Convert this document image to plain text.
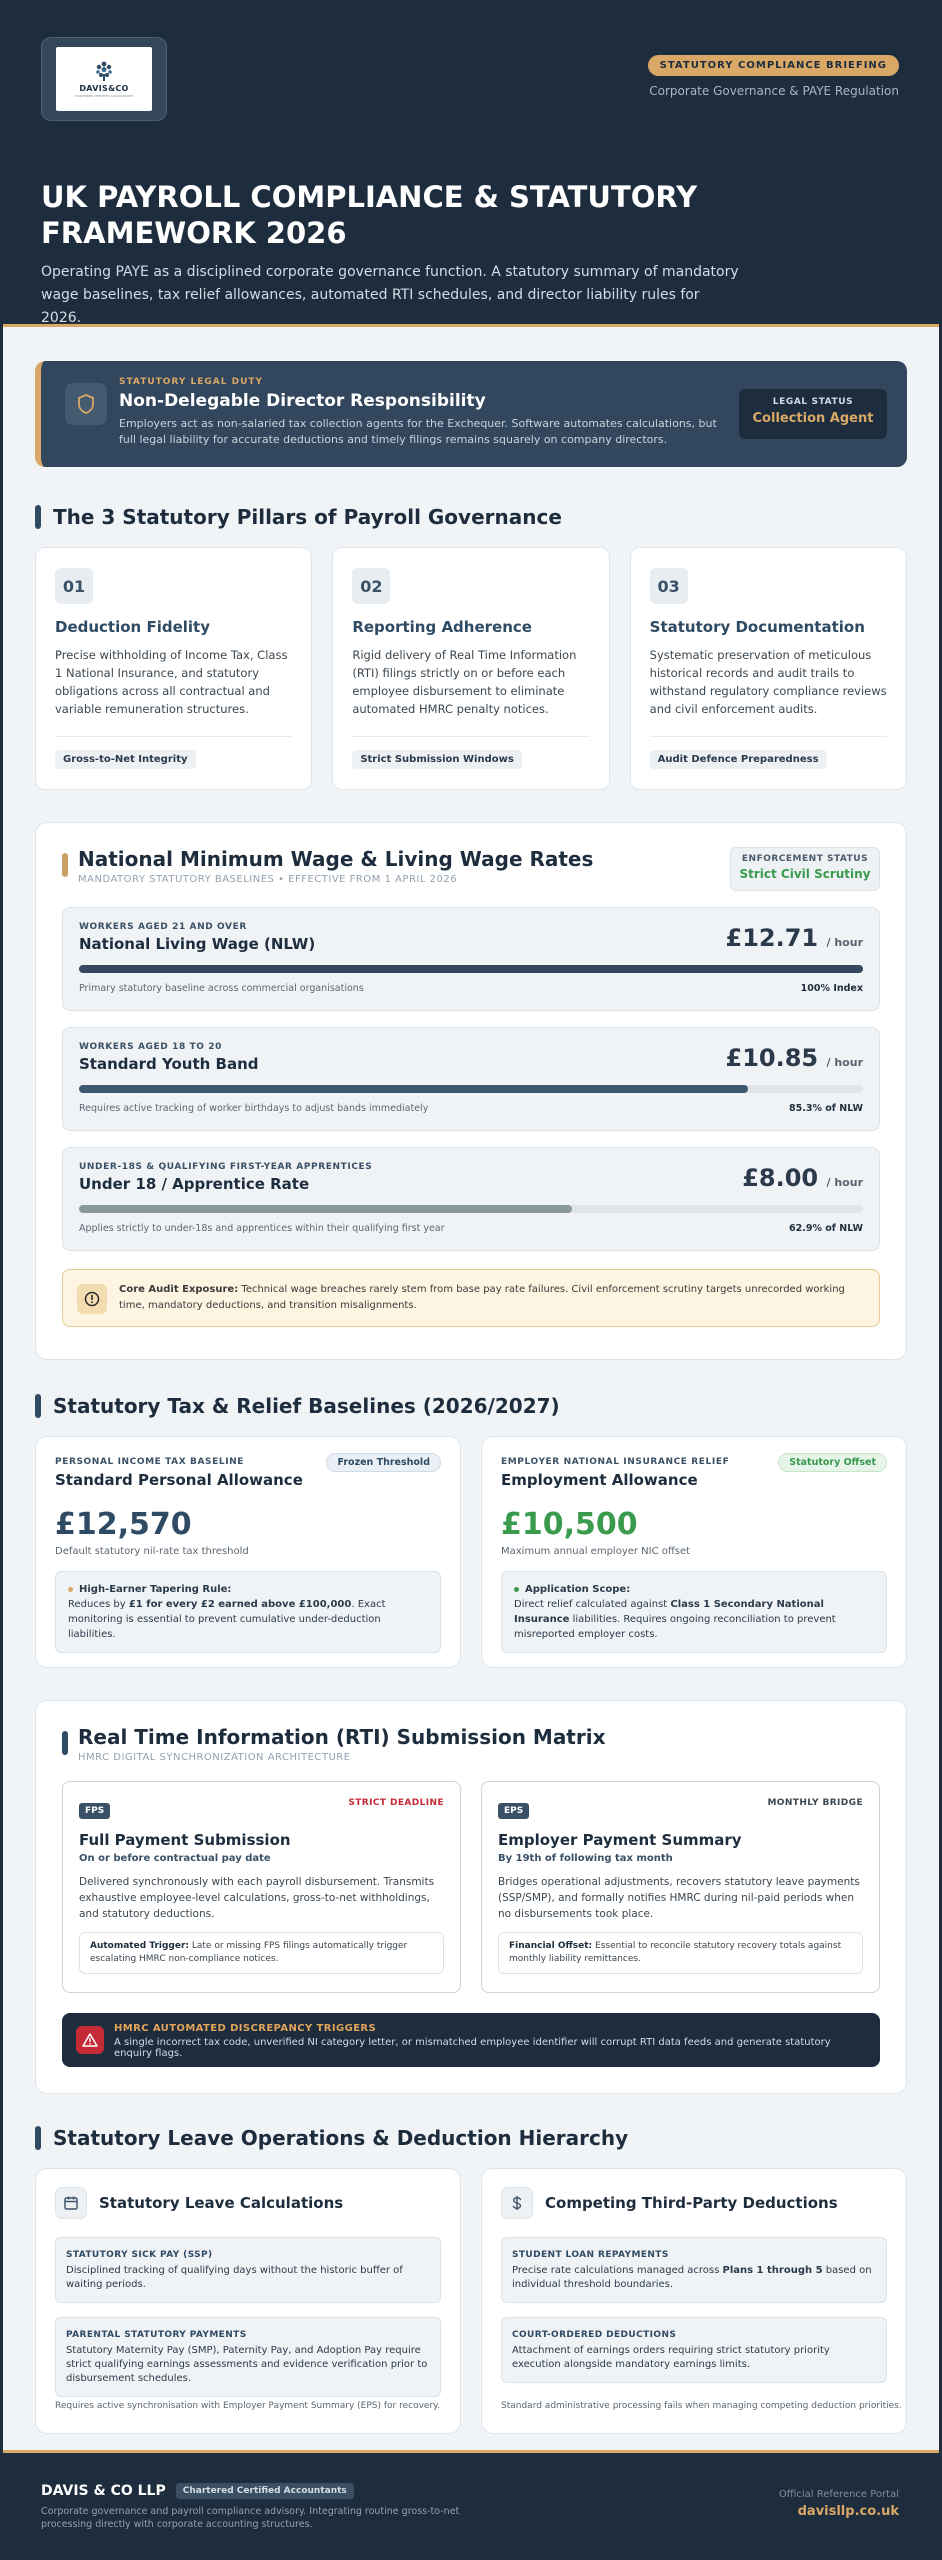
DAVIS&CO
CHARTERED CERTIFIED ACCOUNTANTS
STATUTORY COMPLIANCE BRIEFING
Corporate Governance & PAYE Regulation
UK PAYROLL COMPLIANCE & STATUTORY FRAMEWORK 2026

Operating PAYE as a disciplined corporate governance function. A statutory summary of mandatory wage baselines, tax relief allowances, automated RTI schedules, and director liability rules for 2026.

STATUTORY LEGAL DUTY
Non-Delegable Director Responsibility
Employers act as non-salaried tax collection agents for the Exchequer. Software automates calculations, but full legal liability for accurate deductions and timely filings remains squarely on company directors.
LEGAL STATUS
Collection Agent
The 3 Statutory Pillars of Payroll Governance
01
Deduction Fidelity
Precise withholding of Income Tax, Class 1 National Insurance, and statutory obligations across all contractual and variable remuneration structures.
Gross-to-Net Integrity
02
Reporting Adherence
Rigid delivery of Real Time Information (RTI) filings strictly on or before each employee disbursement to eliminate automated HMRC penalty notices.
Strict Submission Windows
03
Statutory Documentation
Systematic preservation of meticulous historical records and audit trails to withstand regulatory compliance reviews and civil enforcement audits.
Audit Defence Preparedness
National Minimum Wage & Living Wage Rates
MANDATORY STATUTORY BASELINES • EFFECTIVE FROM 1 APRIL 2026
ENFORCEMENT STATUS
Strict Civil Scrutiny
WORKERS AGED 21 AND OVER
National Living Wage (NLW)	£12.71 / hour
Primary statutory baseline across commercial organisations	100% Index
WORKERS AGED 18 TO 20
Standard Youth Band	£10.85 / hour
Requires active tracking of worker birthdays to adjust bands immediately	85.3% of NLW
UNDER-18S & QUALIFYING FIRST-YEAR APPRENTICES
Under 18 / Apprentice Rate	£8.00 / hour
Applies strictly to under-18s and apprentices within their qualifying first year	62.9% of NLW
Core Audit Exposure: Technical wage breaches rarely stem from base pay rate failures. Civil enforcement scrutiny targets unrecorded working time, mandatory deductions, and transition misalignments.
Statutory Tax & Relief Baselines (2026/2027)
PERSONAL INCOME TAX BASELINE	Frozen Threshold
Standard Personal Allowance
£12,570
Default statutory nil-rate tax threshold
High-Earner Tapering Rule:
Reduces by £1 for every £2 earned above £100,000. Exact monitoring is essential to prevent cumulative under-deduction liabilities.
EMPLOYER NATIONAL INSURANCE RELIEF	Statutory Offset
Employment Allowance
£10,500
Maximum annual employer NIC offset
Application Scope:
Direct relief calculated against Class 1 Secondary National Insurance liabilities. Requires ongoing reconciliation to prevent misreported employer costs.
Real Time Information (RTI) Submission Matrix
HMRC DIGITAL SYNCHRONIZATION ARCHITECTURE
FPS
STRICT DEADLINE
Full Payment Submission
On or before contractual pay date
Delivered synchronously with each payroll disbursement. Transmits exhaustive employee-level calculations, gross-to-net withholdings, and statutory deductions.
Automated Trigger: Late or missing FPS filings automatically trigger escalating HMRC non-compliance notices.
EPS
MONTHLY BRIDGE
Employer Payment Summary
By 19th of following tax month
Bridges operational adjustments, recovers statutory leave payments (SSP/SMP), and formally notifies HMRC during nil-paid periods when no disbursements took place.
Financial Offset: Essential to reconcile statutory recovery totals against monthly liability remittances.
HMRC AUTOMATED DISCREPANCY TRIGGERS
A single incorrect tax code, unverified NI category letter, or mismatched employee identifier will corrupt RTI data feeds and generate statutory enquiry flags.
Statutory Leave Operations & Deduction Hierarchy
Statutory Leave Calculations
STATUTORY SICK PAY (SSP)
Disciplined tracking of qualifying days without the historic buffer of waiting periods.
PARENTAL STATUTORY PAYMENTS
Statutory Maternity Pay (SMP), Paternity Pay, and Adoption Pay require strict qualifying earnings assessments and evidence verification prior to disbursement schedules.
Requires active synchronisation with Employer Payment Summary (EPS) for recovery.
Competing Third-Party Deductions
STUDENT LOAN REPAYMENTS
Precise rate calculations managed across Plans 1 through 5 based on individual threshold boundaries.
COURT-ORDERED DEDUCTIONS
Attachment of earnings orders requiring strict statutory priority execution alongside mandatory earnings limits.
Standard administrative processing fails when managing competing deduction priorities.
DAVIS & CO LLP	Chartered Certified Accountants
Corporate governance and payroll compliance advisory. Integrating routine gross-to-net processing directly with corporate accounting structures.
Official Reference Portal
davisllp.co.uk
